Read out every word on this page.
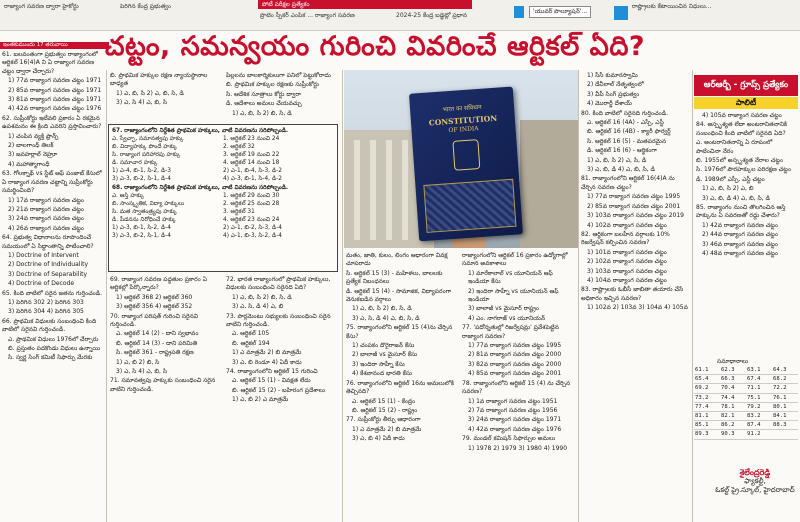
రాజ్యాంగ సవరణ ద్వారా హైకోర్టు	పెరిగిన కేంద్ర ప్రభుత్వం	పోటీ పరీక్షల ప్రత్యేకం
ప్రొటెం స్పీకర్ ఎంపిక ... రాజ్యాంగ సవరణ	2024-25 కేంద్ర బడ్జెట్లో ప్రధాన
'యువర్ పొల్యూషన్'...
రాష్ట్రాలకు కేటాయించిన నిధులు...
ఇంతకుముందు 17 తరువాయి	చట్టం, సమన్వయం గురించి వివరించే ఆర్టికల్ ఏది?

61. బలవంతంగా ప్రభుత్వం రాజ్యాంగంలో ఆర్టికల్ 16(4)A ని ఏ రాజ్యాంగ సవరణ చట్టం ద్వారా చేర్చారు?

1) 77వ రాజ్యాంగ సవరణ చట్టం 1971

2) 85వ రాజ్యాంగ సవరణ చట్టం 1971

3) 81వ రాజ్యాంగ సవరణ చట్టం 1971

4) 42వ రాజ్యాంగ సవరణ చట్టం 1976

62. సుప్రీంకోర్టు ఇటీవలి ప్రకారం ఏ రకమైన ఉపశమనం ఈ క్రింది ఎవరిని ప్రస్తావించారు?

1) చంపిన వ్యక్తి ఫ్రాన్స్

2) బాలగాంధ్ తిలక్

3) జవహర్లాల్ నెహ్రూ

4) మహాత్మాగాంధీ

63. గోలక్నాథ్ vs స్టేట్ ఆఫ్ పంజాబ్ కేసులో ఏ రాజ్యాంగ సవరణ చట్టాన్ని సుప్రీంకోర్టు సమర్థించింది?

1) 17వ రాజ్యాంగ సవరణ చట్టం

2) 21వ రాజ్యాంగ సవరణ చట్టం

3) 24వ రాజ్యాంగ సవరణ చట్టం

4) 26వ రాజ్యాంగ సవరణ చట్టం

64. ప్రభుత్వ విధానాలను రూపొందించే సమయంలో ఏ సిద్ధాంతాన్ని పాటించాలి?

1) Doctrine of Intervent

2) Doctrine of Individuality

3) Doctrine of Separability

4) Doctrine of Decode

65. కింది వాటిలో సరైన జతను గుర్తించండి.

1) పెరిగిన 302 2) పెరిగిన 303

3) పెరిగిన 304 4) పెరిగిన 305

66. ప్రాథమిక విధులకు సంబంధించి కింది వాటిలో సరైనవి గుర్తించండి.

ఎ. ప్రాథమిక విధులు 1976లో చేర్చారు

బి. ప్రస్తుతం పదకొండు విధులు ఉన్నాయి

సి. స్వర్ణ సింగ్ కమిటీ సిఫార్సు మేరకు

బి. ప్రాథమిక హక్కుల రక్షణ న్యాయస్థానాల బాధ్యత

1) ఎ, బి, సి 2) ఎ, బి, సి, డి

3) ఎ, సి 4) ఎ, బి, సి

పిల్లలను బాలకార్మికులుగా పనిలో పెట్టుకోరాదు

బి. ప్రాథమిక హక్కుల రక్షణకు సుప్రీంకోర్టు

సి. ఆదేశిక సూత్రాలు కోర్టు ద్వారా

డి. ఆదేశాలు అమలు చేయవచ్చు

1) ఎ, బి, సి 2) బి, సి, డి

67. రాజ్యాంగంలోని నిర్దేశిత ప్రాథమిక హక్కులు, వాటి వివరణను సరిపోల్చండి.
ఎ. స్వేచ్ఛా, సమానత్వపు హక్కు
బి. విద్యాహక్కు పొందే హక్కు
సి. రాజ్యాంగ పరిహారపు హక్కు
డి. సమాచార హక్కు
1. ఆర్టికల్ 23 నుంచి 24
2. ఆర్టికల్ 32
3. ఆర్టికల్ 19 నుంచి 22
4. ఆర్టికల్ 14 నుంచి 18
1) ఎ-4, బి-1, సి-2, డి-3	2) ఎ-1, బి-4, సి-3, డి-2
3) ఎ-3, బి-2, సి-1, డి-4	4) ఎ-3, బి-1, సి-4, డి-2
68. రాజ్యాంగంలోని నిర్దేశిత ప్రాథమిక హక్కులు, వాటి వివరణను సరిపోల్చండి.
ఎ. ఆస్తి హక్కు
బి. సాంస్కృతిక, విద్యా హక్కులు
సి. మత స్వాతంత్ర్యపు హక్కు
డి. పీడనను నిరోధించే హక్కు
1. ఆర్టికల్ 29 నుంచి 30
2. ఆర్టికల్ 25 నుంచి 28
3. ఆర్టికల్ 31
4. ఆర్టికల్ 23 నుంచి 24
1) ఎ-3, బి-1, సి-2, డి-4	2) ఎ-1, బి-2, సి-3, డి-4
3) ఎ-3, బి-2, సి-1, డి-4	4) ఎ-1, బి-3, సి-2, డి-4

69. రాజ్యాంగ సవరణ పద్ధతుల ప్రకారం ఏ ఆర్టికల్లో పేర్కొన్నారు?

1) ఆర్టికల్ 368 2) ఆర్టికల్ 360

3) ఆర్టికల్ 356 4) ఆర్టికల్ 352

70. రాజ్యాంగ పరిషత్ గురించి సరైనవి గుర్తించండి.

ఎ. ఆర్టికల్ 14 (2) - దాని స్వభావం

బి. ఆర్టికల్ 14 (3) - దాని పరిమితి

సి. ఆర్టికల్ 361 - రాష్ట్రపతి రక్షణ

1) ఎ, బి 2) బి, సి

3) ఎ, సి 4) ఎ, బి, సి

71. సమానత్వపు హక్కుకు సంబంధించి సరైన వాటిని గుర్తించండి.

72. భారత రాజ్యాంగంలో ప్రాథమిక హక్కులు, విధులకు సంబంధించి సరైనది ఏది?

1) ఎ, బి, సి 2) బి, సి, డి

3) ఎ, సి, డి 4) ఎ, బి

73. పార్లమెంటు సభ్యులకు సంబంధించి సరైన వాటిని గుర్తించండి.

ఎ. ఆర్టికల్ 105

బి. ఆర్టికల్ 194

1) ఎ మాత్రమే 2) బి మాత్రమే

3) ఎ, బి రెండూ 4) ఏదీ కాదు

74. రాజ్యాంగంలోని ఆర్టికల్ 15 గురించి

ఎ. ఆర్టికల్ 15 (1) - వివక్షత లేదు

బి. ఆర్టికల్ 15 (2) - బహిరంగ ప్రదేశాలు

1) ఎ, బి 2) ఎ మాత్రమే

भारत का संविधान
CONSTITUTION
OF INDIA

మతం, జాతి, కులం, లింగం ఆధారంగా వివక్ష చూపరాదు

సి. ఆర్టికల్ 15 (3) - మహిళలు, బాలలకు ప్రత్యేక నిబంధనలు

డి. ఆర్టికల్ 15 (4) - సామాజిక, విద్యాపరంగా వెనుకబడిన వర్గాలు

1) ఎ, బి, సి 2) బి, సి, డి

3) ఎ, సి, డి 4) ఎ, బి, సి, డి

75. రాజ్యాంగంలోని ఆర్టికల్ 15 (4)ను చేర్చిన కేసు?

1) చంపకం దొరైరాజన్ కేసు

2) బాలాజీ vs మైసూర్ కేసు

3) ఇందిరా సాహ్నీ కేసు

4) కేశవానంద భారతి కేసు

76. రాజ్యాంగంలోని ఆర్టికల్ 16ను అమలులోకి తెచ్చినది?

ఎ. ఆర్టికల్ 15 (1) - కేంద్రం

బి. ఆర్టికల్ 15 (2) - రాష్ట్రం

77. సుప్రీంకోర్టు తీర్పు ఆధారంగా

1) ఎ మాత్రమే 2) బి మాత్రమే

3) ఎ, బి 4) ఏదీ కాదు

రాజ్యాంగంలోని ఆర్టికల్ 16 ప్రకారం ఉద్యోగాల్లో సమాన అవకాశాలు

1) మారేకాలాల్ vs యూనియన్ ఆఫ్ ఇండియా కేసు

2) ఇందిరా సాహ్నీ vs యూనియన్ ఆఫ్ ఇండియా

3) బాలాజీ vs మైసూర్ రాష్ట్రం

4) ఎం. నాగరాజ్ vs యూనియన్

77. 'పదోన్నతుల్లో రిజర్వేషన్లు' ప్రవేశపెట్టిన రాజ్యాంగ సవరణ?

1) 77వ రాజ్యాంగ సవరణ చట్టం 1995

2) 81వ రాజ్యాంగ సవరణ చట్టం 2000

3) 82వ రాజ్యాంగ సవరణ చట్టం 2000

4) 85వ రాజ్యాంగ సవరణ చట్టం 2001

78. రాజ్యాంగంలోని ఆర్టికల్ 15 (4) ను చేర్చిన సవరణ?

1) 1వ రాజ్యాంగ సవరణ చట్టం 1951

2) 7వ రాజ్యాంగ సవరణ చట్టం 1956

3) 24వ రాజ్యాంగ సవరణ చట్టం 1971

4) 42వ రాజ్యాంగ సవరణ చట్టం 1976

79. మండల్ కమిషన్ సిఫార్సుల అమలు

1) 1978 2) 1979 3) 1980 4) 1990

1) సీసీ కుమారస్వామి

2) దేవీలాల్ నేతృత్వంలో

3) వీపీ సింగ్ ప్రభుత్వం

4) మొరార్జీ దేశాయ్

80. కింది వాటిలో సరైనది గుర్తించండి.

ఎ. ఆర్టికల్ 16 (4A) - ఎస్సీ, ఎస్టీ

బి. ఆర్టికల్ 16 (4B) - క్యారీ ఫార్వర్డ్

సి. ఆర్టికల్ 16 (5) - మతపరమైన

డి. ఆర్టికల్ 16 (6) - ఆర్థికంగా

1) ఎ, బి, సి 2) ఎ, సి, డి

3) ఎ, బి, డి 4) ఎ, బి, సి, డి

81. రాజ్యాంగంలోని ఆర్టికల్ 16(4)A ను చేర్చిన సవరణ చట్టం?

1) 77వ రాజ్యాంగ సవరణ చట్టం 1995

2) 85వ రాజ్యాంగ సవరణ చట్టం 2001

3) 103వ రాజ్యాంగ సవరణ చట్టం 2019

4) 102వ రాజ్యాంగ సవరణ చట్టం

82. ఆర్థికంగా బలహీన వర్గాలకు 10% రిజర్వేషన్ కల్పించిన సవరణ?

1) 101వ రాజ్యాంగ సవరణ చట్టం

2) 102వ రాజ్యాంగ సవరణ చట్టం

3) 103వ రాజ్యాంగ సవరణ చట్టం

4) 104వ రాజ్యాంగ సవరణ చట్టం

83. రాష్ట్రాలకు ఓబీసీ జాబితా తయారు చేసే అధికారం ఇచ్చిన సవరణ?

1) 102వ 2) 103వ 3) 104వ 4) 105వ

ఆర్ఆర్బీ - గ్రూప్స్ ప్రత్యేకం
పాలిటీ

4) 105వ రాజ్యాంగ సవరణ చట్టం

84. అస్పృశ్యత లేదా అంటరానితనానికి సంబంధించి కింది వాటిలో సరైనది ఏది?

ఎ. అంటరానితనాన్ని ఏ రూపంలో పాటించినా నేరం

బి. 1955లో అస్పృశ్యత నేరాల చట్టం

సి. 1976లో పౌరహక్కుల పరిరక్షణ చట్టం

డి. 1989లో ఎస్సీ, ఎస్టీ చట్టం

1) ఎ, బి, సి 2) ఎ, బి

3) ఎ, బి, డి 4) ఎ, బి, సి, డి

85. రాజ్యాంగం నుంచి తొలగించిన ఆస్తి హక్కును ఏ సవరణతో రద్దు చేశారు?

1) 42వ రాజ్యాంగ సవరణ చట్టం

2) 44వ రాజ్యాంగ సవరణ చట్టం

3) 46వ రాజ్యాంగ సవరణ చట్టం

4) 48వ రాజ్యాంగ సవరణ చట్టం

సమాధానాలు
61.1	62.3	63.1	64.3
65.4	66.3	67.4	68.2
69.2	70.4	71.1	72.2
73.2	74.4	75.1	76.1
77.4	78.1	79.2	80.1
81.1	82.1	83.2	84.1
85.1	86.2	87.4	88.3
89.3	90.3	91.2	
శైలేంద్రరెడ్డి
ఫ్యాకల్టీ,
ఓకల్ట్ ప్రై.స్కూల్, హైదరాబాద్
